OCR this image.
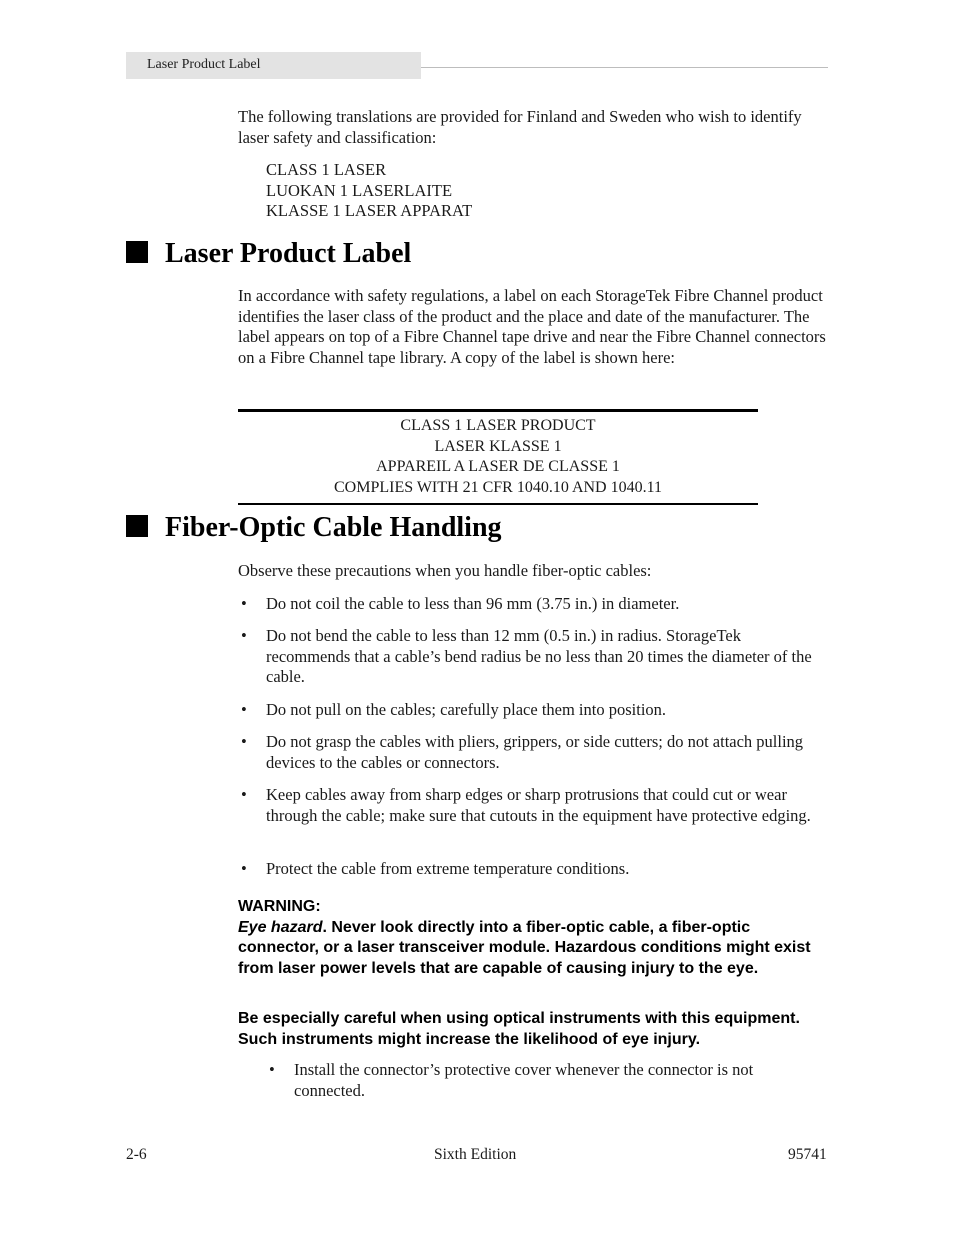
Laser Product Label
The following translations are provided for Finland and Sweden who wish to identify laser safety and classification:
CLASS 1 LASER
LUOKAN 1 LASERLAITE
KLASSE 1 LASER APPARAT
Laser Product Label
In accordance with safety regulations, a label on each StorageTek Fibre Channel product identifies the laser class of the product and the place and date of the manufacturer. The label appears on top of a Fibre Channel tape drive and near the Fibre Channel connectors on a Fibre Channel tape library. A copy of the label is shown here:
CLASS 1 LASER PRODUCT
LASER KLASSE 1
APPAREIL A LASER DE CLASSE 1
COMPLIES WITH 21 CFR 1040.10 AND 1040.11
Fiber-Optic Cable Handling
Observe these precautions when you handle fiber-optic cables:
• Do not coil the cable to less than 96 mm (3.75 in.) in diameter.
• Do not bend the cable to less than 12 mm (0.5 in.) in radius. StorageTek recommends that a cable’s bend radius be no less than 20 times the diameter of the cable.
• Do not pull on the cables; carefully place them into position.
• Do not grasp the cables with pliers, grippers, or side cutters; do not attach pulling devices to the cables or connectors.
• Keep cables away from sharp edges or sharp protrusions that could cut or wear through the cable; make sure that cutouts in the equipment have protective edging.
• Protect the cable from extreme temperature conditions.
WARNING:
Eye hazard. Never look directly into a fiber-optic cable, a fiber-optic connector, or a laser transceiver module. Hazardous conditions might exist from laser power levels that are capable of causing injury to the eye.
Be especially careful when using optical instruments with this equipment. Such instruments might increase the likelihood of eye injury.
• Install the connector’s protective cover whenever the connector is not connected.
2-6	Sixth Edition	95741
